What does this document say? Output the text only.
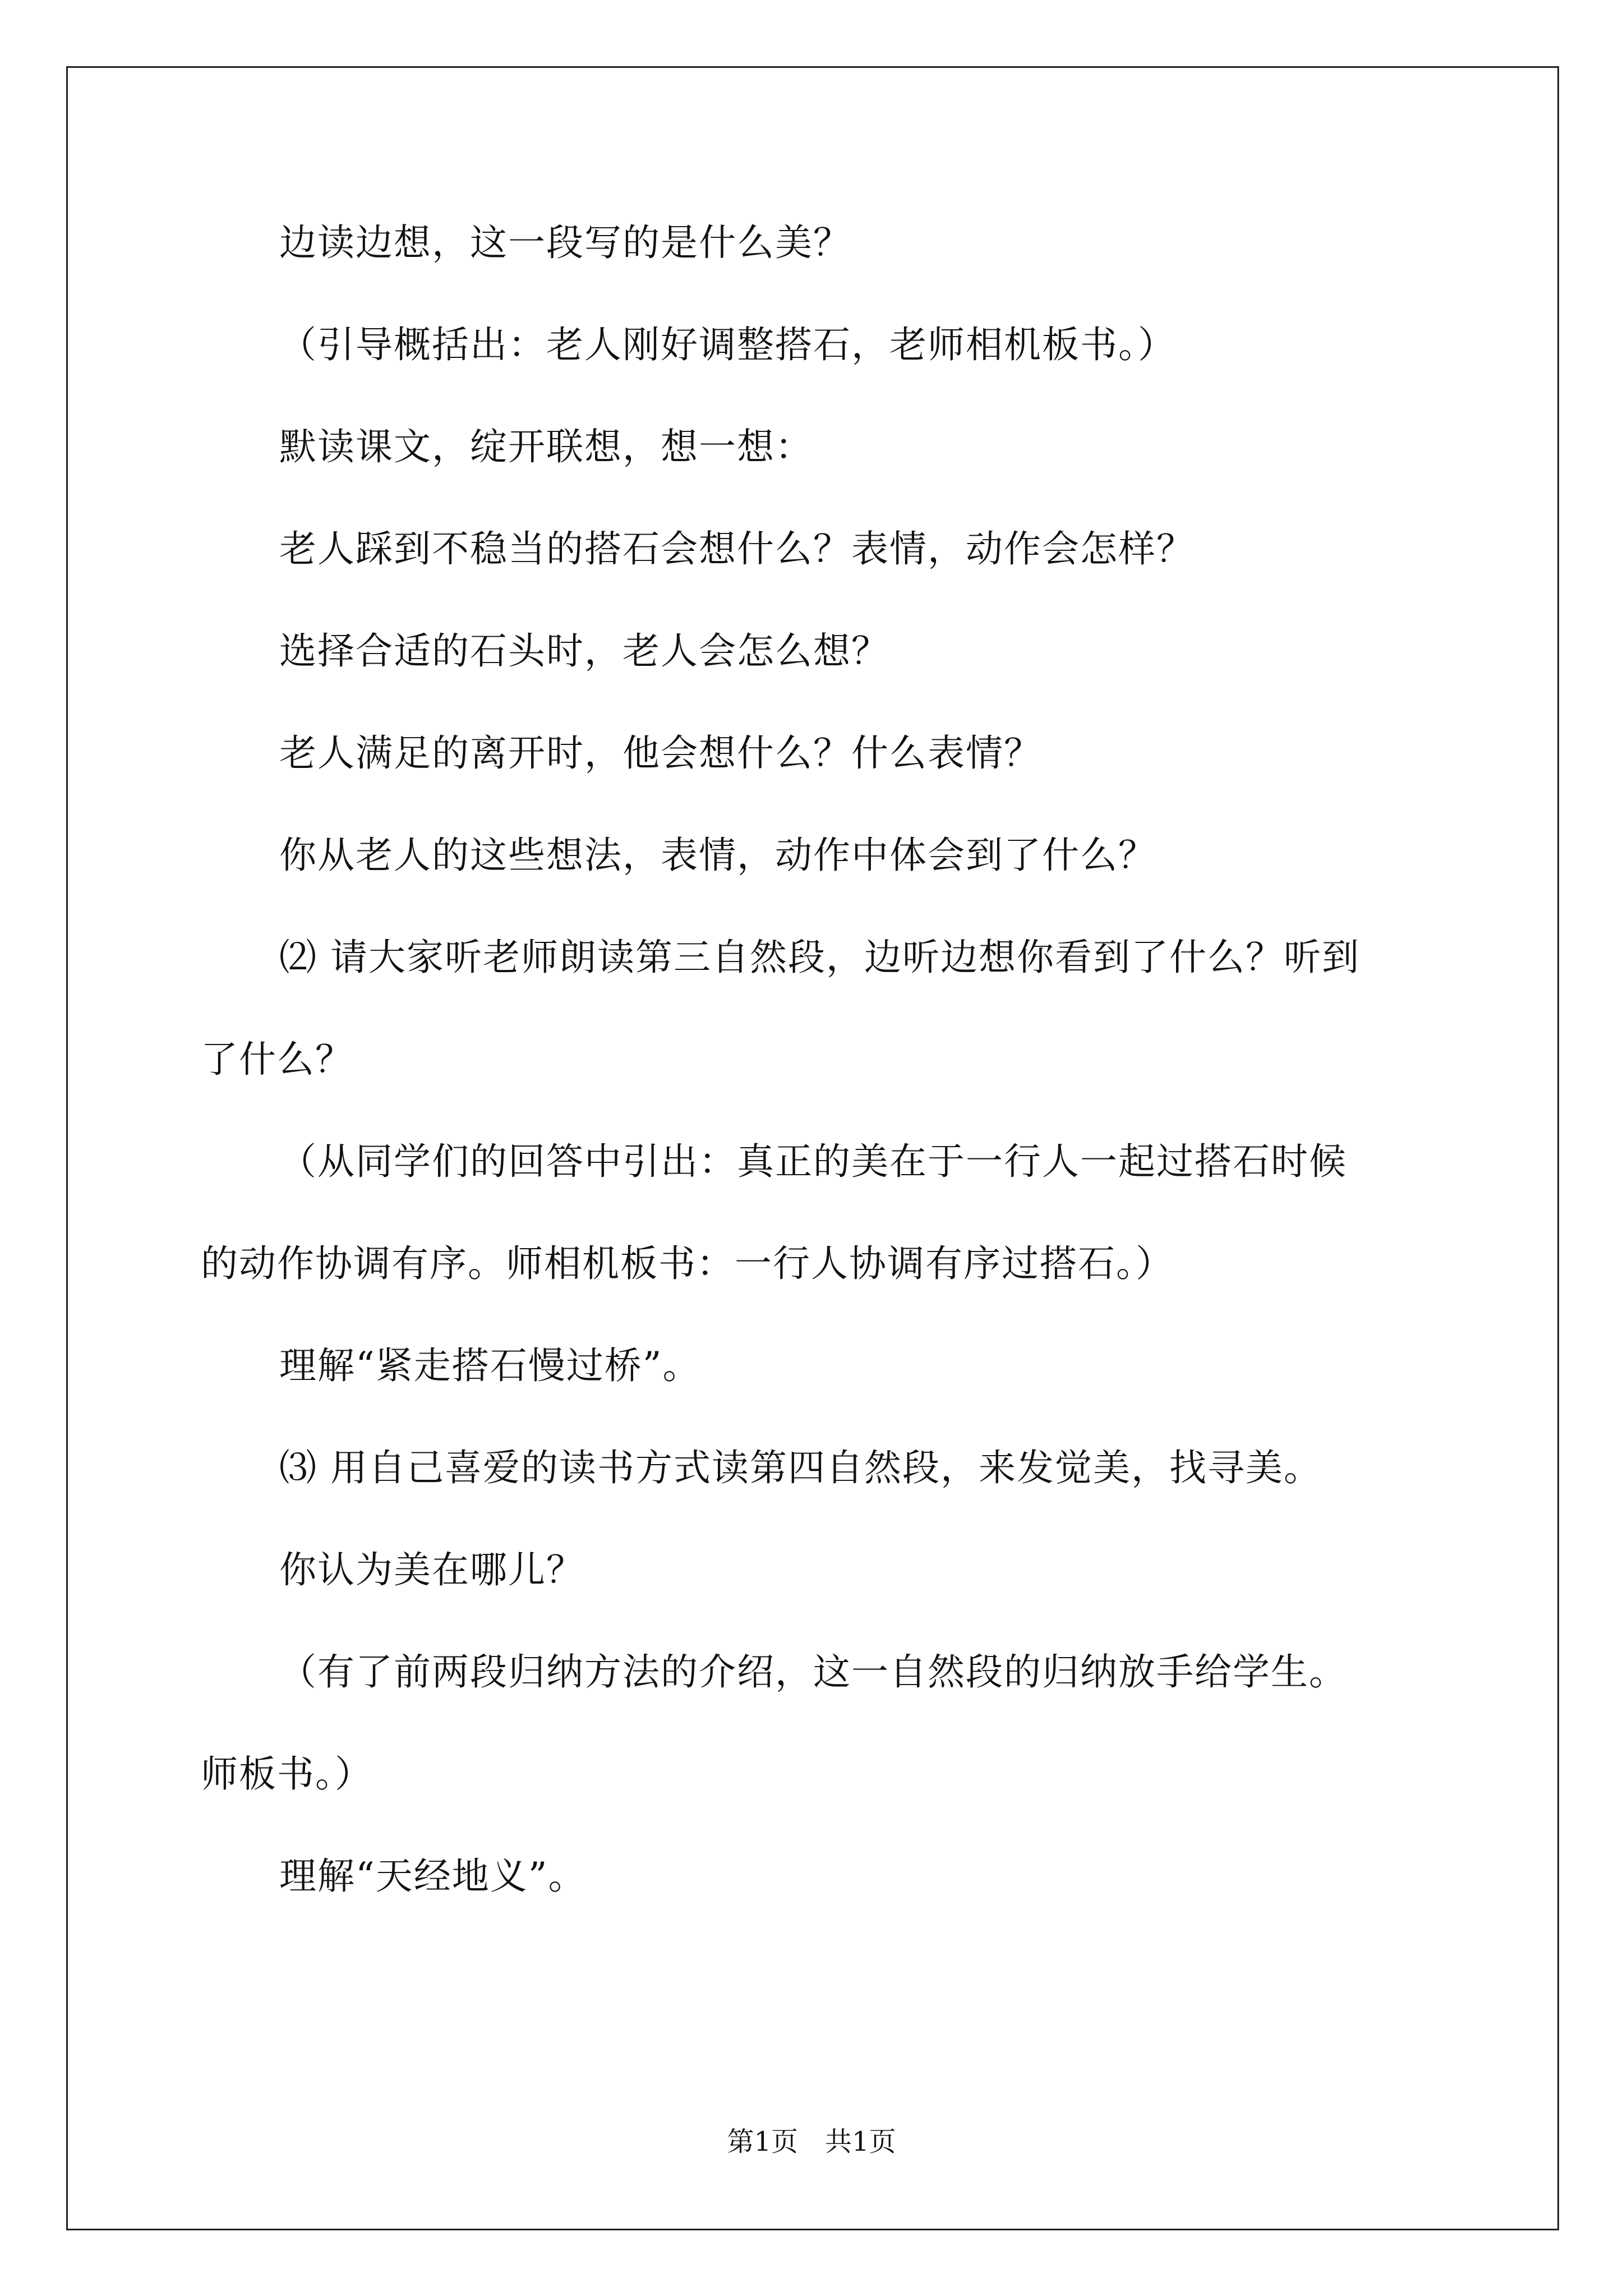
边读边想，这一段写的是什么美？
（引导概括出：老人刚好调整搭石，老师相机板书。）
默读课文，绽开联想，想一想：
老人踩到不稳当的搭石会想什么？表情，动作会怎样？
选择合适的石头时，老人会怎么想？
老人满足的离开时，他会想什么？什么表情？
你从老人的这些想法，表情，动作中体会到了什么？
⑵ 请大家听老师朗读第三自然段，边听边想你看到了什么？听到
了什么？
（从同学们的回答中引出：真正的美在于一行人一起过搭石时候
的动作协调有序。师相机板书：一行人协调有序过搭石。）
理解“紧走搭石慢过桥”。
⑶ 用自己喜爱的读书方式读第四自然段，来发觉美，找寻美。
你认为美在哪儿？
（有了前两段归纳方法的介绍，这一自然段的归纳放手给学生。
师板书。）
理解“天经地义”。
第1页　共1页
